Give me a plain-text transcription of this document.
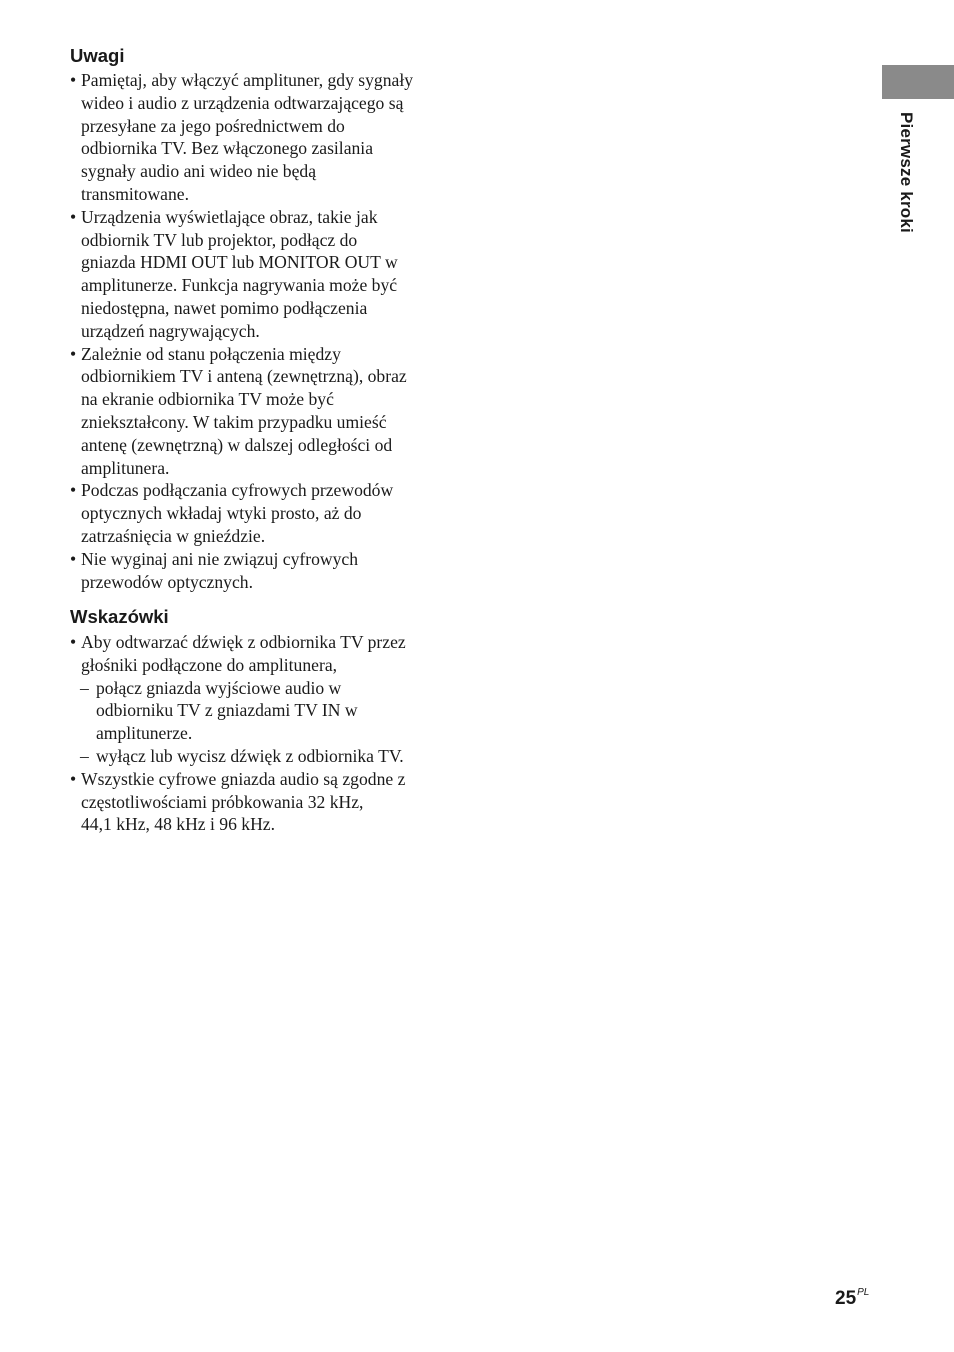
Uwagi
• Pamiętaj, aby włączyć amplituner, gdy sygnały
wideo i audio z urządzenia odtwarzającego są
przesyłane za jego pośrednictwem do
odbiornika TV. Bez włączonego zasilania
sygnały audio ani wideo nie będą
transmitowane.
• Urządzenia wyświetlające obraz, takie jak
odbiornik TV lub projektor, podłącz do
gniazda HDMI OUT lub MONITOR OUT w
amplitunerze. Funkcja nagrywania może być
niedostępna, nawet pomimo podłączenia
urządzeń nagrywających.
• Zależnie od stanu połączenia między
odbiornikiem TV i anteną (zewnętrzną), obraz
na ekranie odbiornika TV może być
zniekształcony. W takim przypadku umieść
antenę (zewnętrzną) w dalszej odległości od
amplitunera.
• Podczas podłączania cyfrowych przewodów
optycznych wkładaj wtyki prosto, aż do
zatrzaśnięcia w gnieździe.
• Nie wyginaj ani nie związuj cyfrowych
przewodów optycznych.
Wskazówki
• Aby odtwarzać dźwięk z odbiornika TV przez
głośniki podłączone do amplitunera,
– połącz gniazda wyjściowe audio w
odbiorniku TV z gniazdami TV IN w
amplitunerze.
– wyłącz lub wycisz dźwięk z odbiornika TV.
• Wszystkie cyfrowe gniazda audio są zgodne z
częstotliwościami próbkowania 32 kHz,
44,1 kHz, 48 kHz i 96 kHz.
Pierwsze kroki
$25^{PL}$
